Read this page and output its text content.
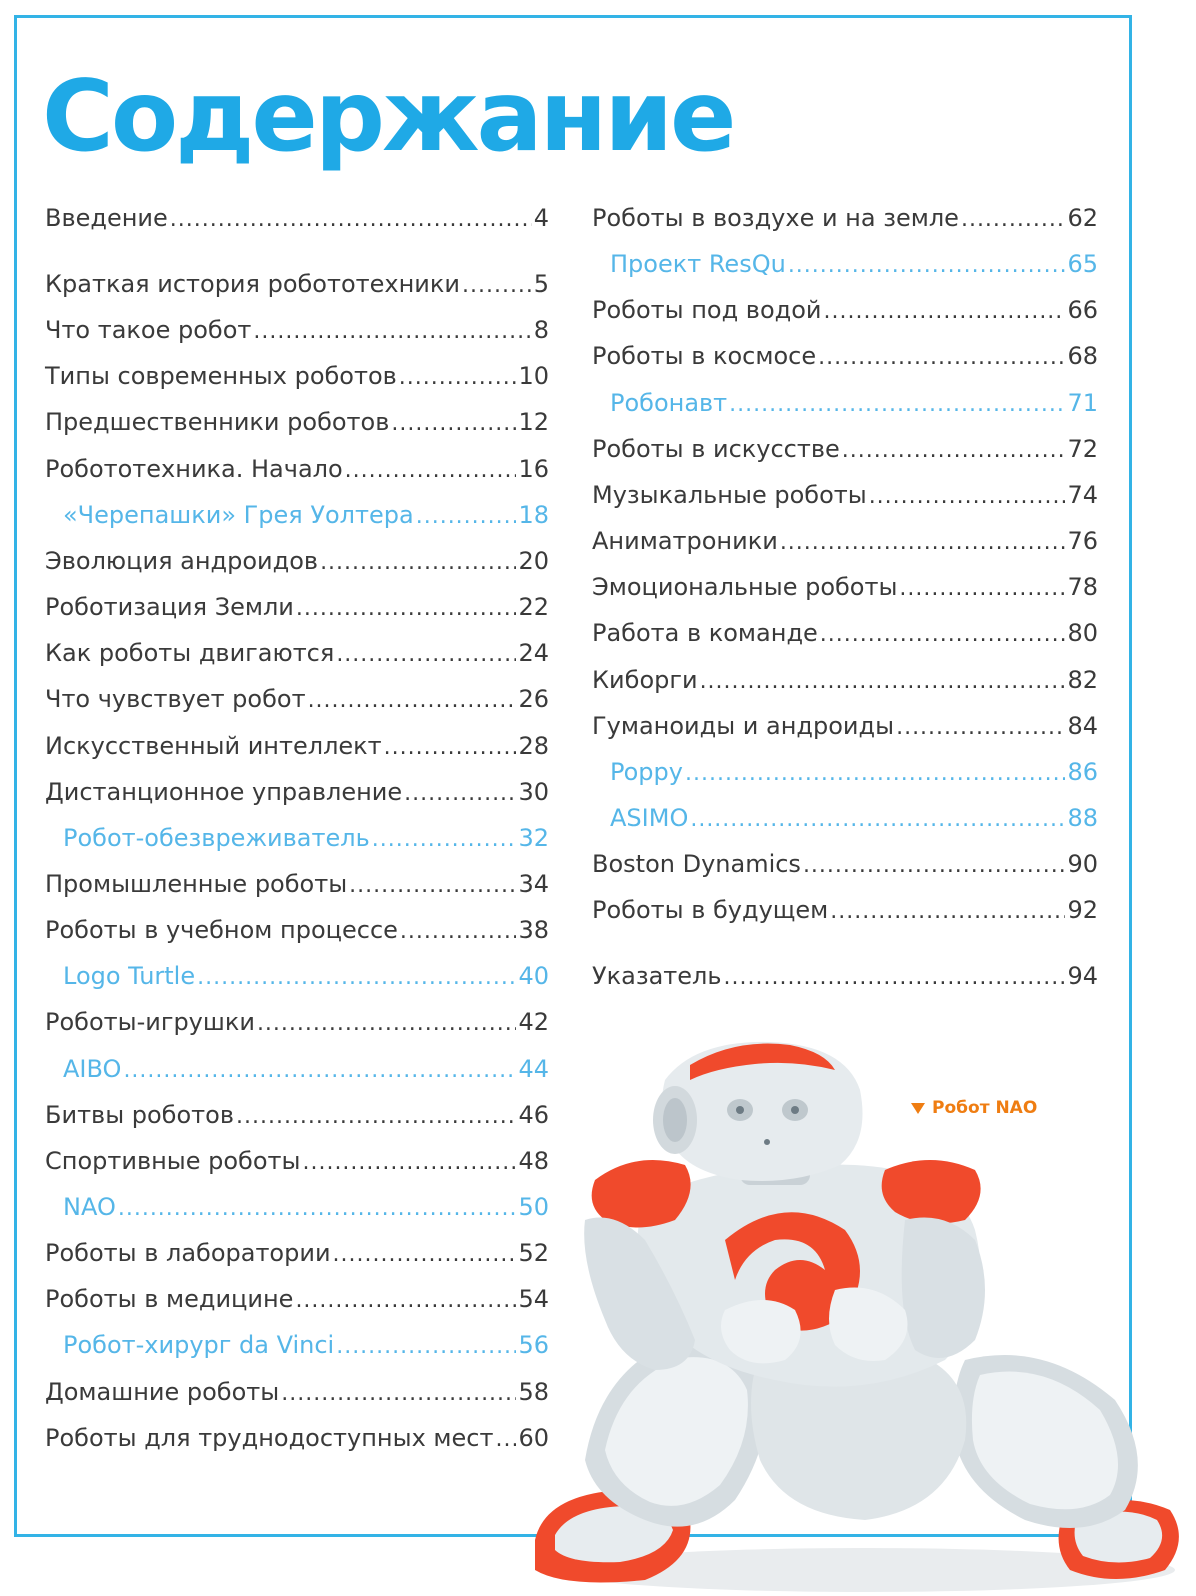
Содержание
Введение .....	4
Краткая история робототехники .....	5
Что такое робот .....	8
Типы современных роботов .....	10
Предшественники роботов .....	12
Робототехника. Начало .....	16
«Черепашки» Грея Уолтера .....	18
Эволюция андроидов .....	20
Роботизация Земли .....	22
Как роботы двигаются .....	24
Что чувствует робот .....	26
Искусственный интеллект .....	28
Дистанционное управление .....	30
Робот-обезвреживатель .....	32
Промышленные роботы .....	34
Роботы в учебном процессе .....	38
Logo Turtle .....	40
Роботы-игрушки .....	42
AIBO .....	44
Битвы роботов .....	46
Спортивные роботы .....	48
NAO .....	50
Роботы в лаборатории .....	52
Роботы в медицине .....	54
Робот-хирург da Vinci .....	56
Домашние роботы .....	58
Роботы для труднодоступных мест ..... 60
Роботы в воздухе и на земле .....	62
Проект ResQu .....	65
Роботы под водой .....	66
Роботы в космосе .....	68
Робонавт .....	71
Роботы в искусстве .....	72
Музыкальные роботы .....	74
Аниматроники .....	76
Эмоциональные роботы .....	78
Работа в команде .....	80
Киборги .....	82
Гуманоиды и андроиды .....	84
Poppy .....	86
ASIMO .....	88
Boston Dynamics .....	90
Роботы в будущем .....	92
Указатель .....	94
Робот NAO
